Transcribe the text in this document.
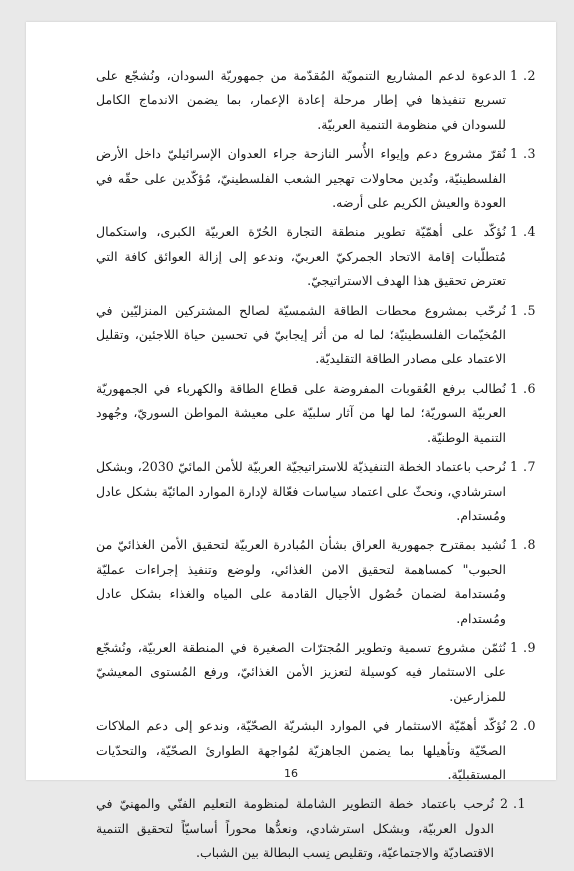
1 .2
الدعوة لدعم المشاريع التنمويّة المُقدّمة من جمهوريّة السودان، ونُشجّع على تسريع تنفيذها في إطار مرحلة إعادة الإعمار، بما يضمن الاندماج الكامل للسودان في منظومة التنمية العربيّة.
1 .3
نُقرّ مشروع دعم وإيواء الأُسر النازحة جراء العدوان الإسرائيليّ داخل الأرض الفلسطينيّة، ونُدين محاولات تهجير الشعب الفلسطينيّ، مُؤكّدين على حقّه في العودة والعيش الكريم على أرضه.
1 .4
نُؤكّد على أهمّيّة تطوير منطقة التجارة الحُرّة العربيّة الكبرى، واستكمال مُتطلّبات إقامة الاتحاد الجمركيّ العربيّ، وندعو إلى إزالة العوائق كافة التي تعترض تحقيق هذا الهدف الاستراتيجيّ.
1 .5
نُرحّب بمشروع محطات الطاقة الشمسيّة لصالح المشتركين المنزليّين في المُخيّمات الفلسطينيّة؛ لما له من أثر إيجابيّ في تحسين حياة اللاجئين، وتقليل الاعتماد على مصادر الطاقة التقليديّة.
1 .6
نُطالب برفع العُقوبات المفروضة على قطاع الطاقة والكهرباء في الجمهوريّة العربيّة السوريّة؛ لما لها من آثار سلبيّة على معيشة المواطن السوريّ، وجُهود التنمية الوطنيّة.
1 .7
نُرحب باعتماد الخطة التنفيذيّة للاستراتيجيّة العربيّة للأمن المائيّ 2030، وبشكل استرشادي، ونحثّ على اعتماد سياسات فعّالة لإدارة الموارد المائيّة بشكل عادل ومُستدام.
1 .8
نُشيد بمقترح جمهورية العراق بشأن المُبادرة العربيّة لتحقيق الأمن الغذائيّ من الحبوب" كمساهمة لتحقيق الامن الغذائي، ولوضع وتنفيذ إجراءات عمليّة ومُستدامة لضمان حُصُول الأجيال القادمة على المياه والغذاء بشكل عادل ومُستدام.
1 .9
نُثمّن مشروع تسمية وتطوير المُجترّات الصغيرة في المنطقة العربيّة، ونُشجّع على الاستثمار فيه كوسيلة لتعزيز الأمن الغذائيّ، ورفع المُستوى المعيشيّ للمزارعين.
2 .0
نُؤكّد أهمّيّة الاستثمار في الموارد البشريّة الصحّيّة، وندعو إلى دعم الملاكات الصحّيّة وتأهيلها بما يضمن الجاهزيّة لمُواجهة الطوارئ الصحّيّة، والتحدّيات المستقبليّة.
2 .1
نُرحب باعتماد خطة التطوير الشاملة لمنظومة التعليم الفنّي والمهنيّ في الدول العربيّة، وبشكل استرشادي، ونعدُّها محوراً أساسيّاً لتحقيق التنمية الاقتصاديّة والاجتماعيّة، وتقليص نِسب البطالة بين الشباب.
16
